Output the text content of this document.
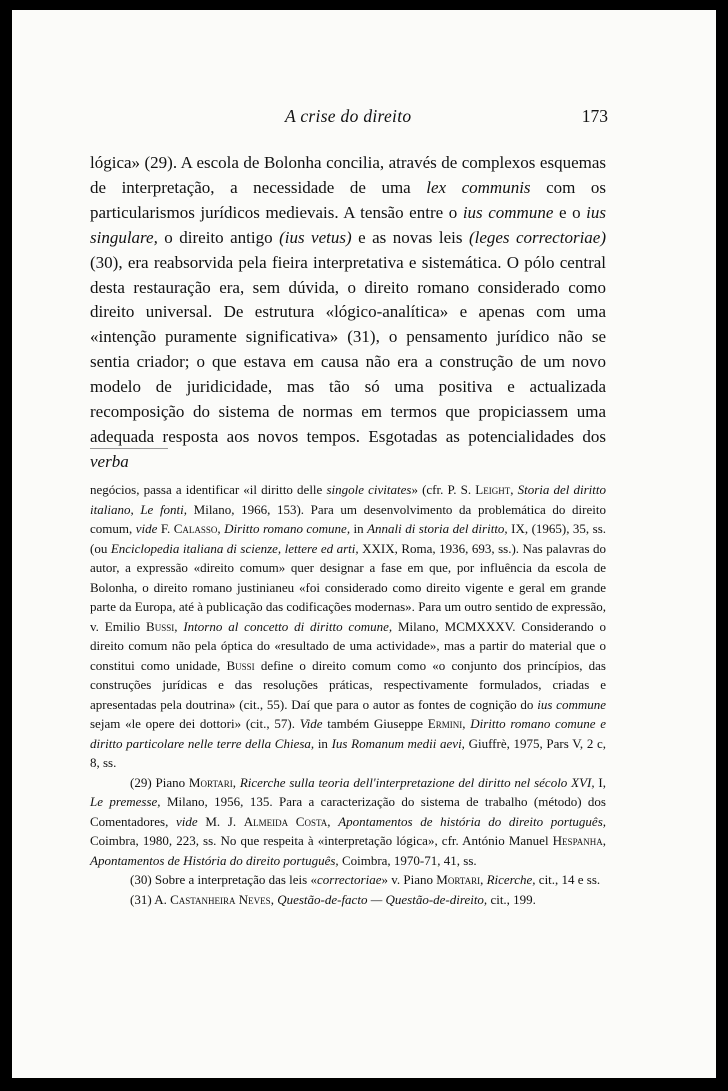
A crise do direito	173

lógica» (29). A escola de Bolonha concilia, através de complexos esquemas de interpretação, a necessidade de uma lex communis com os particularismos jurídicos medievais. A tensão entre o ius commune e o ius singulare, o direito antigo (ius vetus) e as novas leis (leges correctoriae) (30), era reabsorvida pela fieira interpretativa e sistemática. O pólo central desta restauração era, sem dúvida, o direito romano considerado como direito universal. De estrutura «lógico-analítica» e apenas com uma «intenção puramente significativa» (31), o pensamento jurídico não se sentia criador; o que estava em causa não era a construção de um novo modelo de juridicidade, mas tão só uma positiva e actualizada recomposição do sistema de normas em termos que propiciassem uma adequada resposta aos novos tempos. Esgotadas as potencialidades dos verba

negócios, passa a identificar «il diritto delle singole civitates» (cfr. P. S. Leight, Storia del diritto italiano, Le fonti, Milano, 1966, 153). Para um desenvolvimento da problemática do direito comum, vide F. Calasso, Diritto romano comune, in Annali di storia del diritto, IX, (1965), 35, ss. (ou Enciclopedia italiana di scienze, lettere ed arti, XXIX, Roma, 1936, 693, ss.). Nas palavras do autor, a expressão «direito comum» quer designar a fase em que, por influência da escola de Bolonha, o direito romano justinianeu «foi considerado como direito vigente e geral em grande parte da Europa, até à publicação das codificações modernas». Para um outro sentido de expressão, v. Emilio Bussi, Intorno al concetto di diritto comune, Milano, MCMXXXV. Considerando o direito comum não pela óptica do «resultado de uma actividade», mas a partir do material que o constitui como unidade, Bussi define o direito comum como «o conjunto dos princípios, das construções jurídicas e das resoluções práticas, respectivamente formulados, criadas e apresentadas pela doutrina» (cit., 55). Daí que para o autor as fontes de cognição do ius commune sejam «le opere dei dottori» (cit., 57). Vide também Giuseppe Ermini, Diritto romano comune e diritto particolare nelle terre della Chiesa, in Ius Romanum medii aevi, Giuffrè, 1975, Pars V, 2 c, 8, ss.

(29) Piano Mortari, Ricerche sulla teoria dell'interpretazione del diritto nel sécolo XVI, I, Le premesse, Milano, 1956, 135. Para a caracterização do sistema de trabalho (método) dos Comentadores, vide M. J. Almeida Costa, Apontamentos de história do direito português, Coimbra, 1980, 223, ss. No que respeita à «interpretação lógica», cfr. António Manuel Hespanha, Apontamentos de História do direito português, Coimbra, 1970-71, 41, ss.

(30) Sobre a interpretação das leis «correctoriae» v. Piano Mortari, Ricerche, cit., 14 e ss.

(31) A. Castanheira Neves, Questão-de-facto — Questão-de-direito, cit., 199.
